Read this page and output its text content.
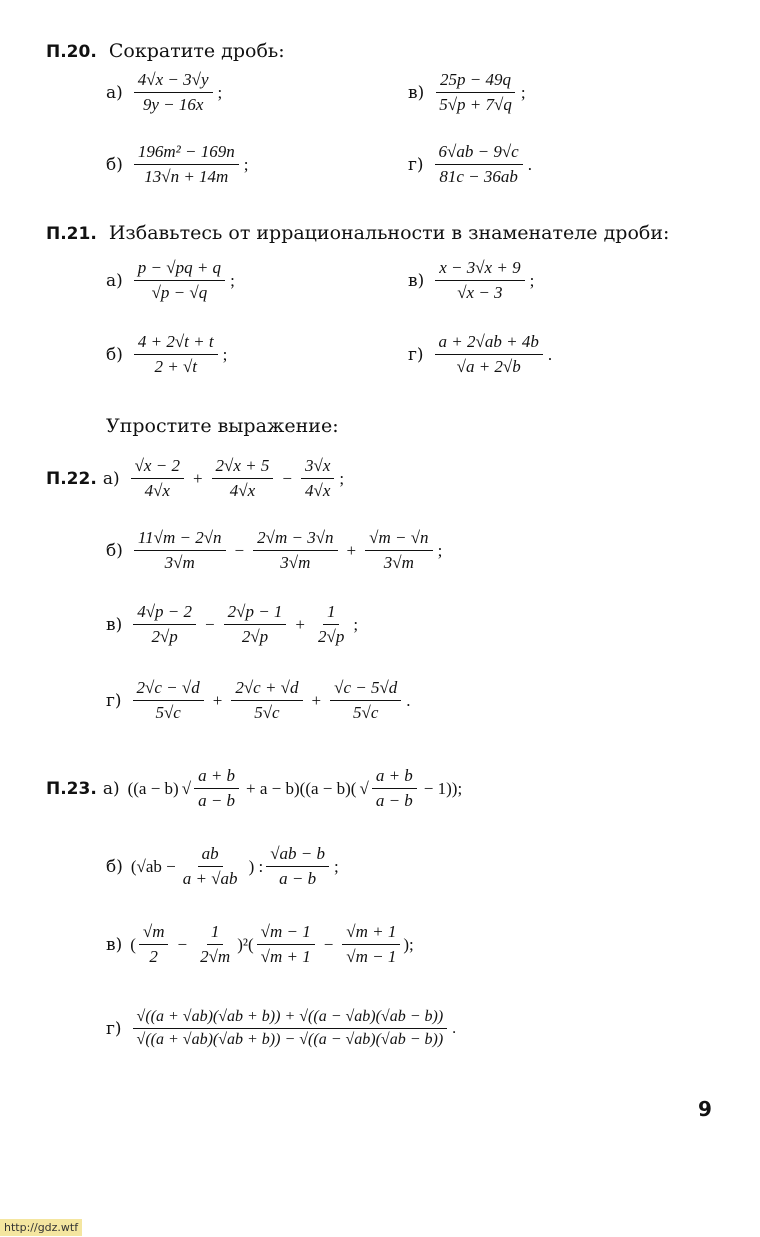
П.20. Сократите дробь:
$а) \frac{4√x - 3√y}{9y - 16x}$ ;	$в) \frac{25p - 49q}{5√p + 7√q}$ ;
$б) \frac{\text{196m² − 169n}}{13√n + 14m}$ ;	$г) \frac{6√ab - 9√c}{81c - 36ab}$ .
П.21. Избавьтесь от иррациональности в знаменателе дроби:
$а) \frac{p - √pq + q}{√p - √q}$ ;	$в) \frac{x - 3√x + 9}{√x - 3}$ ;
$б) \frac{4 + 2√t + t}{2 + √t}$ ;	$г) \frac{a + 2√ab + 4b}{√a + 2√b}$ .
Упростите выражение:
П.22. $а) \frac{√x - 2}{4√x} + \frac{2√x + 5}{4√x} - \frac{3√x}{4√x}$ ;
$б) \frac{11√m - 2√n}{3√m} - \frac{2√m - 3√n}{3√m} + \frac{√m - √n}{3√m}$ ;
$в) \frac{4√p - 2}{2√p} - \frac{2√p - 1}{2√p} + \frac{1}{2√p}$ ;
$г) \frac{2√c - √d}{5√c} + \frac{2√c + √d}{5√c} + \frac{√c - 5√d}{5√c}$ .
П.23. а) ((a − b) √ $\frac{a + b}{a - b} + a - b)((a - b)$( √ $\frac{a + b}{a - b} - 1$));
б) ($√ab - \frac{ab}{a + √ab}$ ) : $\frac{√ab - b}{a - b}$ ;
в) ( $\frac{√m}{2} - \frac{1}{2√m} )^2( \frac{√m - 1}{√m + 1} - \frac{√m + 1}{√m - 1}$ );
$г) \frac{√((a + √ab)(√ab + b)) + √((a - √ab)(√ab - b))}{√((a + √ab)(√ab + b)) - √((a - √ab)(√ab - b))}$ .
9
http://gdz.wtf
